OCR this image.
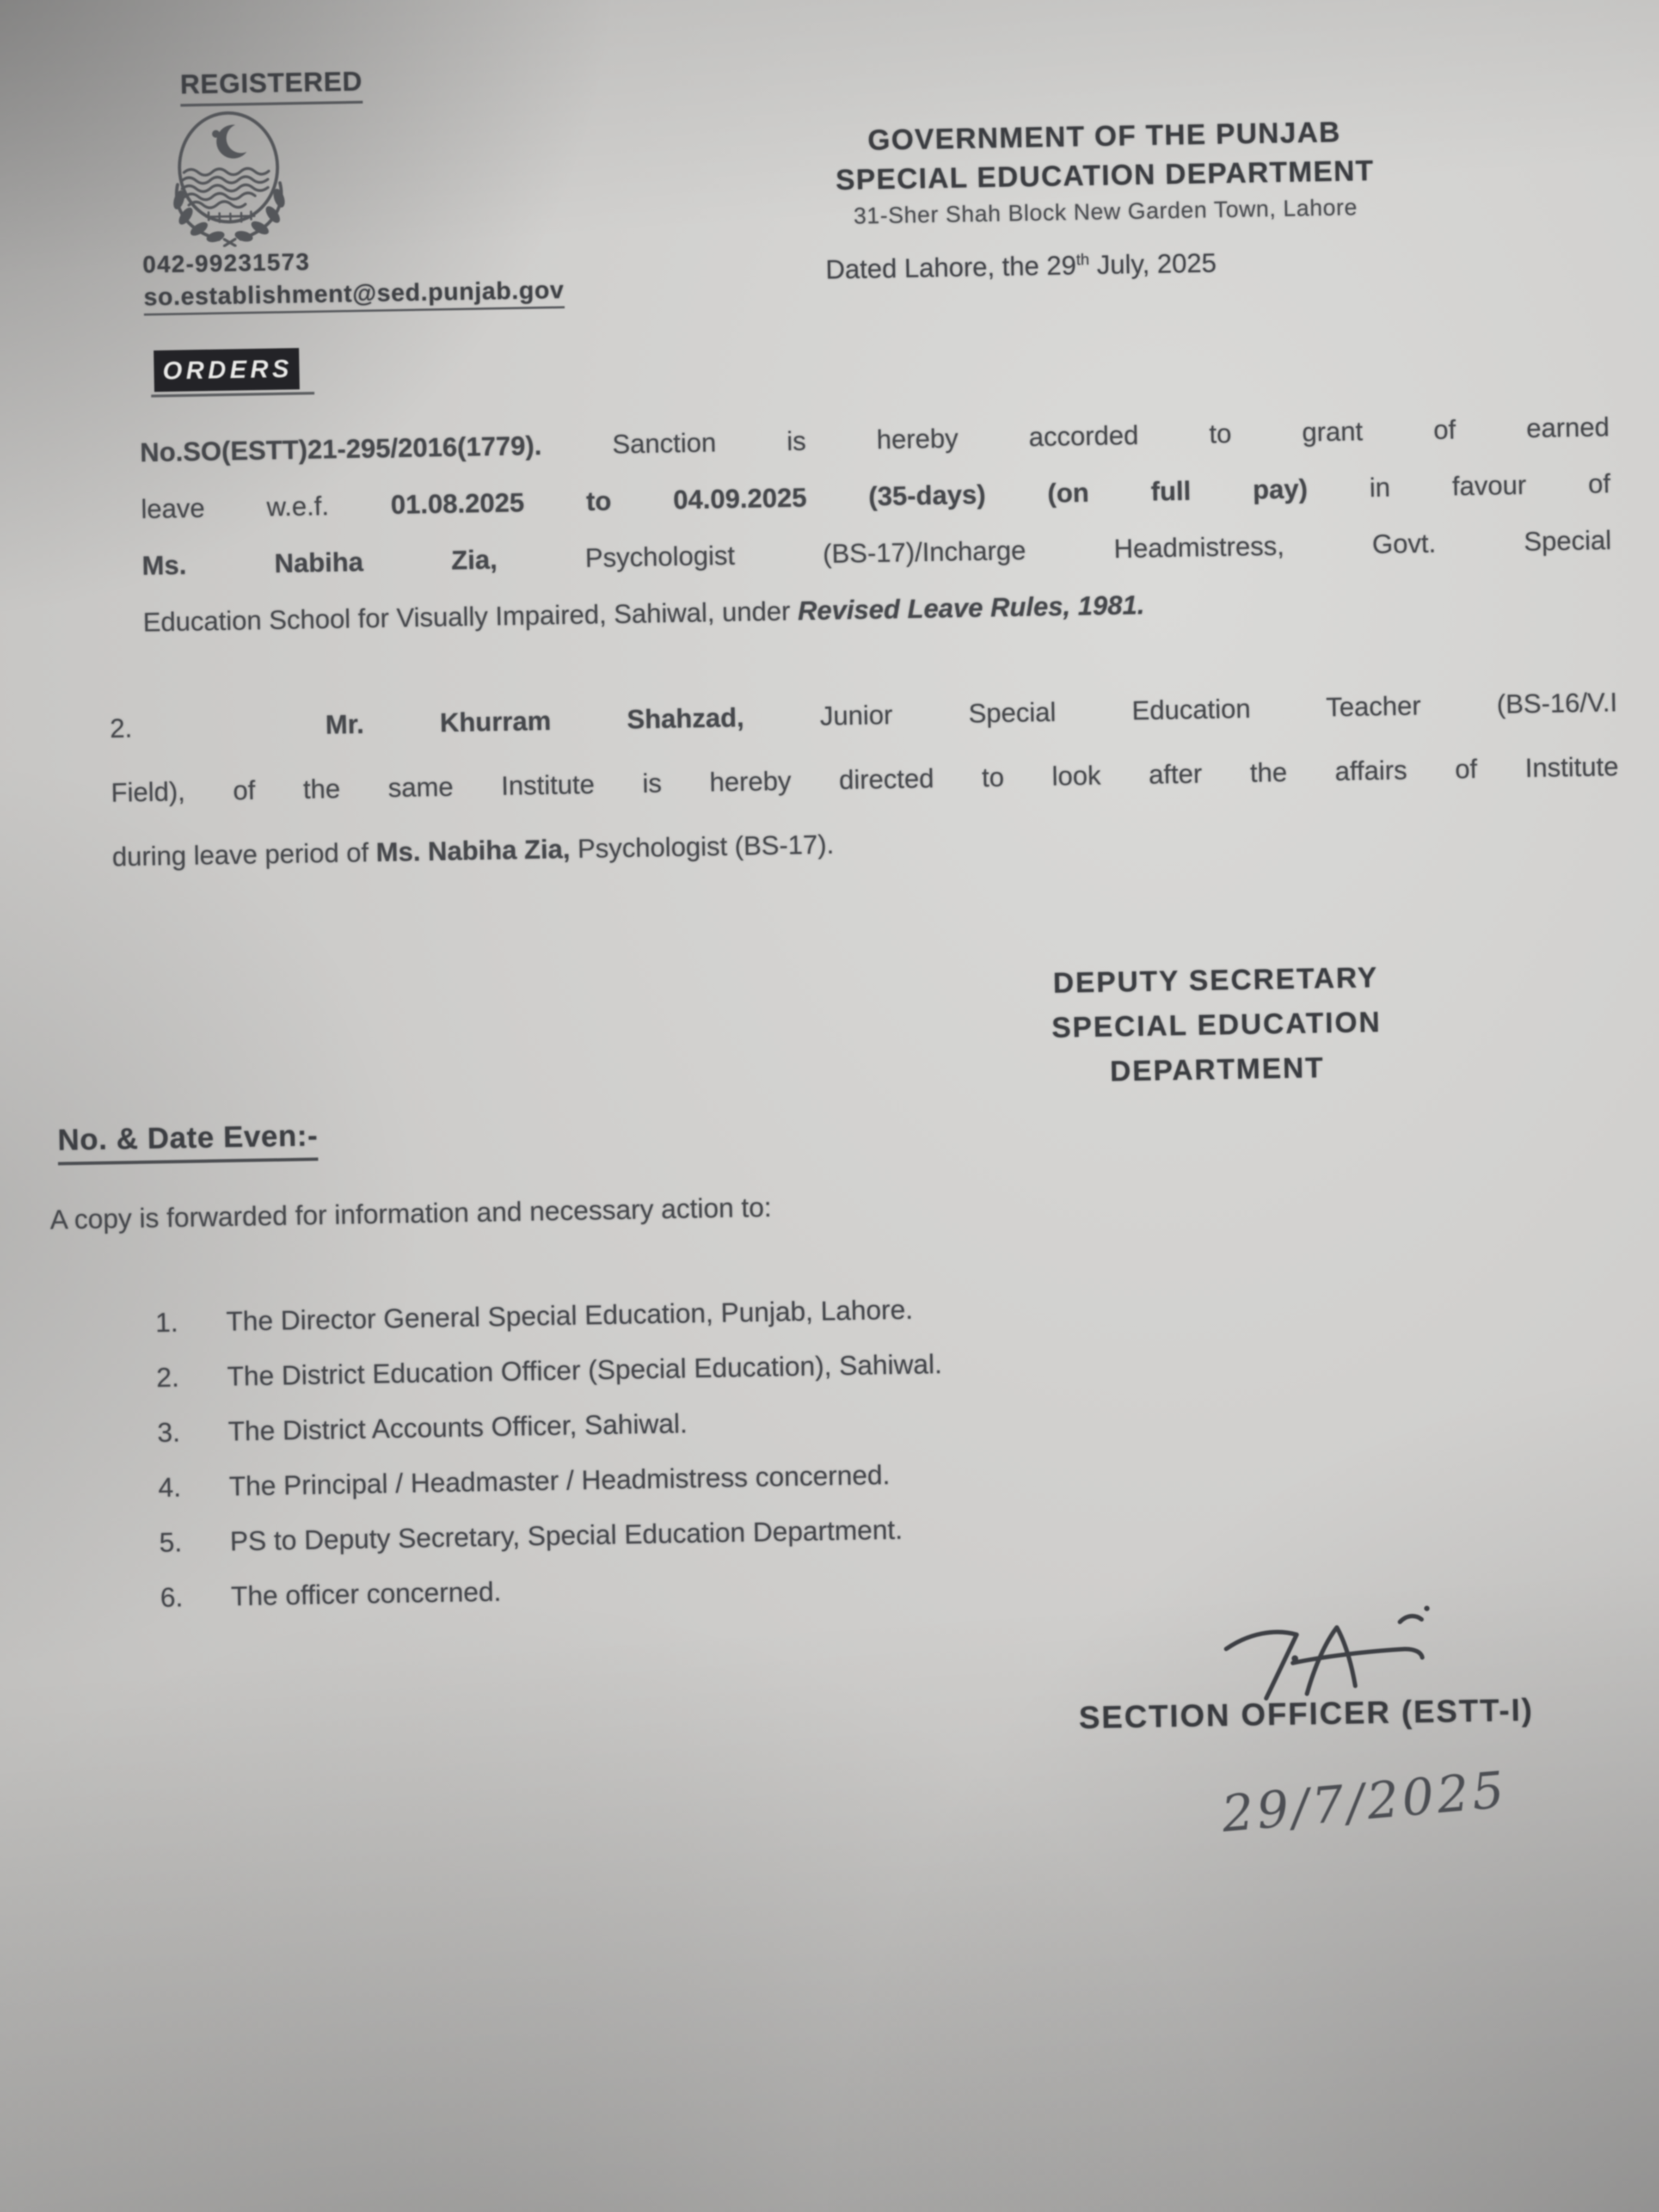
REGISTERED
042-99231573
so.establishment@sed.punjab.gov
GOVERNMENT OF THE PUNJAB
SPECIAL EDUCATION DEPARTMENT
31-Sher Shah Block New Garden Town, Lahore
Dated Lahore, the 29th July, 2025
ORDERS
No.SO(ESTT)21-295/2016(1779). Sanction is hereby accorded to grant of earned
leave w.e.f. 01.08.2025 to 04.09.2025 (35-days) (on full pay) in favour of
Ms. Nabiha Zia, Psychologist (BS-17)/Incharge Headmistress, Govt. Special
Education School for Visually Impaired, Sahiwal, under Revised Leave Rules, 1981.
2.	Mr. Khurram Shahzad, Junior Special Education Teacher (BS-16/V.I
Field), of the same Institute is hereby directed to look after the affairs of Institute
during leave period of Ms. Nabiha Zia, Psychologist (BS-17).
DEPUTY SECRETARY
SPECIAL EDUCATION
DEPARTMENT
No. & Date Even:-
A copy is forwarded for information and necessary action to:
1. The Director General Special Education, Punjab, Lahore.
2. The District Education Officer (Special Education), Sahiwal.
3. The District Accounts Officer, Sahiwal.
4. The Principal / Headmaster / Headmistress concerned.
5. PS to Deputy Secretary, Special Education Department.
6. The officer concerned.
SECTION OFFICER (ESTT-I)
29/7/2025
